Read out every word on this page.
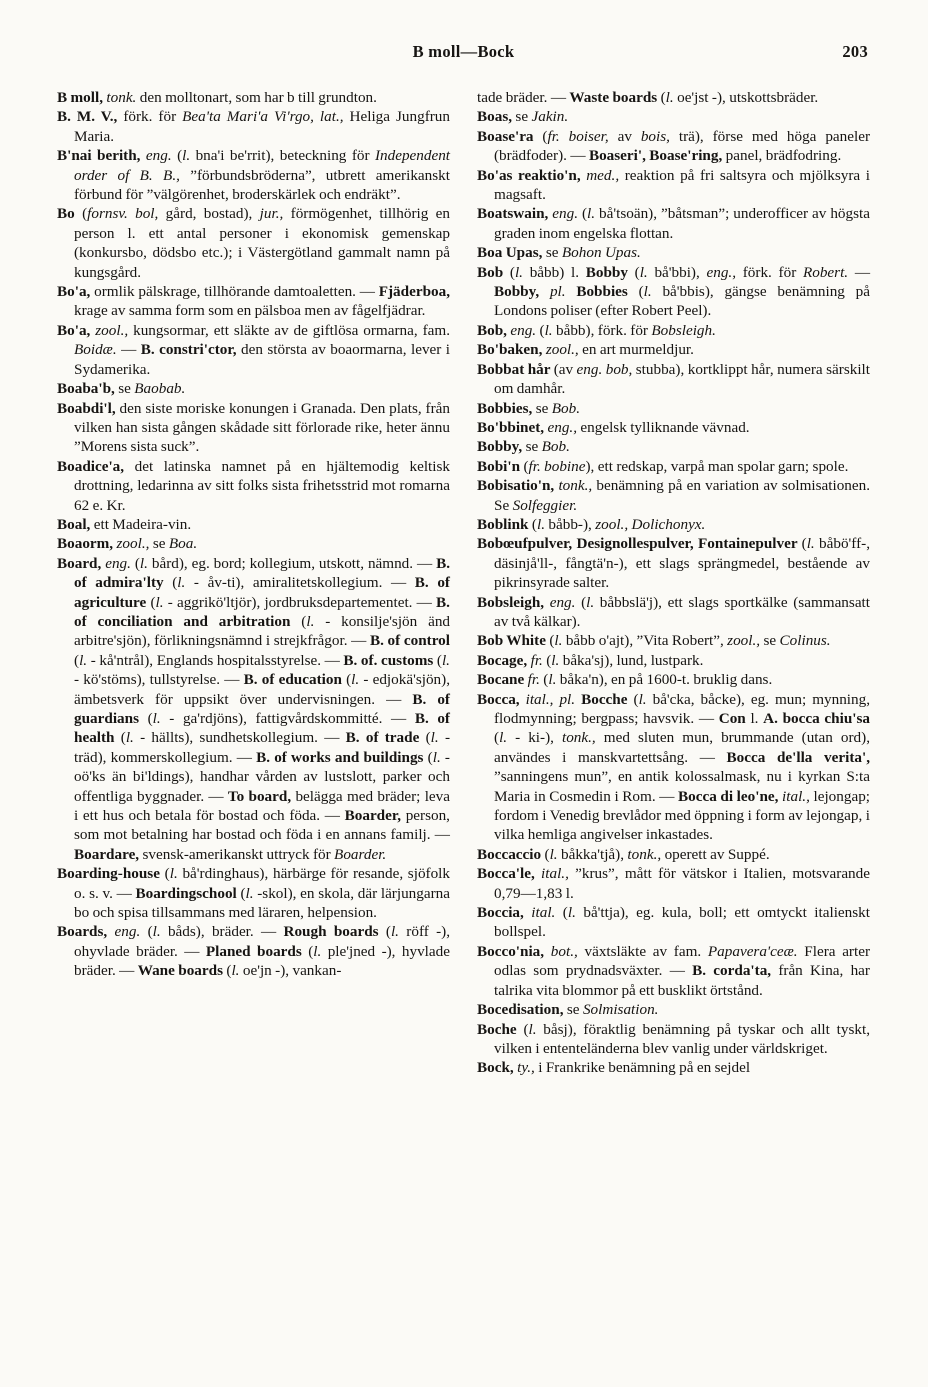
B moll—Bock	203

B moll, tonk. den molltonart, som har b till grundton.

B. M. V., förk. för Bea'ta Mari'a Vi'rgo, lat., Heliga Jungfrun Maria.

B'nai berith, eng. (l. bna'i be'rrit), beteckning för Independent order of B. B., ”förbundsbröderna”, utbrett amerikanskt förbund för ”välgörenhet, broderskärlek och endräkt”.

Bo (fornsv. bol, gård, bostad), jur., förmögenhet, tillhörig en person l. ett antal personer i ekonomisk gemenskap (konkursbo, dödsbo etc.); i Västergötland gammalt namn på kungsgård.

Bo'a, ormlik pälskrage, tillhörande damtoaletten. — Fjäderboa, krage av samma form som en pälsboa men av fågelfjädrar.

Bo'a, zool., kungsormar, ett släkte av de giftlösa ormarna, fam. Boidæ. — B. constri'ctor, den största av boaormarna, lever i Sydamerika.

Boaba'b, se Baobab.

Boabdi'l, den siste moriske konungen i Granada. Den plats, från vilken han sista gången skådade sitt förlorade rike, heter ännu ”Morens sista suck”.

Boadice'a, det latinska namnet på en hjältemodig keltisk drottning, ledarinna av sitt folks sista frihetsstrid mot romarna 62 e. Kr.

Boal, ett Madeira-vin.

Boaorm, zool., se Boa.

Board, eng. (l. bård), eg. bord; kollegium, utskott, nämnd. — B. of admira'lty (l. - åv-ti), amiralitetskollegium. — B. of agriculture (l. - aggrikö'ltjör), jordbruksdepartementet. — B. of conciliation and arbitration (l. - konsilje'sjön änd arbitre'sjön), förlikningsnämnd i strejkfrågor. — B. of control (l. - kå'ntrål), Englands hospitalsstyrelse. — B. of. customs (l. - kö'stöms), tullstyrelse. — B. of education (l. - edjokä'sjön), ämbetsverk för uppsikt över undervisningen. — B. of guardians (l. - ga'rdjöns), fattigvårdskommitté. — B. of health (l. - hällts), sundhetskollegium. — B. of trade (l. - träd), kommerskollegium. — B. of works and buildings (l. - oö'ks än bi'ldings), handhar vården av lustslott, parker och offentliga byggnader. — To board, belägga med bräder; leva i ett hus och betala för bostad och föda. — Boarder, person, som mot betalning har bostad och föda i en annans familj. — Boardare, svensk-amerikanskt uttryck för Boarder.

Boarding-house (l. bå'rdinghaus), härbärge för resande, sjöfolk o. s. v. — Boardingschool (l. -skol), en skola, där lärjungarna bo och spisa tillsammans med läraren, helpension.

Boards, eng. (l. båds), bräder. — Rough boards (l. röff -), ohyvlade bräder. — Planed boards (l. ple'jned -), hyvlade bräder. — Wane boards (l. oe'jn -), vankan-

tade bräder. — Waste boards (l. oe'jst -), utskottsbräder.

Boas, se Jakin.

Boase'ra (fr. boiser, av bois, trä), förse med höga paneler (brädfoder). — Boaseri', Boase'ring, panel, brädfodring.

Bo'as reaktio'n, med., reaktion på fri saltsyra och mjölksyra i magsaft.

Boatswain, eng. (l. bå'tsoän), ”båtsman”; underofficer av högsta graden inom engelska flottan.

Boa Upas, se Bohon Upas.

Bob (l. båbb) l. Bobby (l. bå'bbi), eng., förk. för Robert. — Bobby, pl. Bobbies (l. bå'bbis), gängse benämning på Londons poliser (efter Robert Peel).

Bob, eng. (l. båbb), förk. för Bobsleigh.

Bo'baken, zool., en art murmeldjur.

Bobbat hår (av eng. bob, stubba), kortklippt hår, numera särskilt om damhår.

Bobbies, se Bob.

Bo'bbinet, eng., engelsk tylliknande vävnad.

Bobby, se Bob.

Bobi'n (fr. bobine), ett redskap, varpå man spolar garn; spole.

Bobisatio'n, tonk., benämning på en variation av solmisationen. Se Solfeggier.

Boblink (l. båbb-), zool., Dolichonyx.

Bobœufpulver, Designollespulver, Fontainepulver (l. båbö'ff-, däsinjå'll-, fångtä'n-), ett slags sprängmedel, bestående av pikrinsyrade salter.

Bobsleigh, eng. (l. båbbslä'j), ett slags sportkälke (sammansatt av två kälkar).

Bob White (l. båbb o'ajt), ”Vita Robert”, zool., se Colinus.

Bocage, fr. (l. båka'sj), lund, lustpark.

Bocane fr. (l. båka'n), en på 1600-t. bruklig dans.

Bocca, ital., pl. Bocche (l. bå'cka, båcke), eg. mun; mynning, flodmynning; bergpass; havsvik. — Con l. A. bocca chiu'sa (l. - ki-), tonk., med sluten mun, brummande (utan ord), användes i manskvartettsång. — Bocca de'lla verita', ”sanningens mun”, en antik kolossalmask, nu i kyrkan S:ta Maria in Cosmedin i Rom. — Bocca di leo'ne, ital., lejongap; fordom i Venedig brevlådor med öppning i form av lejongap, i vilka hemliga angivelser inkastades.

Boccaccio (l. båkka'tjå), tonk., operett av Suppé.

Bocca'le, ital., ”krus”, mått för vätskor i Italien, motsvarande 0,79—1,83 l.

Boccia, ital. (l. bå'ttja), eg. kula, boll; ett omtyckt italienskt bollspel.

Bocco'nia, bot., växtsläkte av fam. Papavera'ceæ. Flera arter odlas som prydnadsväxter. — B. corda'ta, från Kina, har talrika vita blommor på ett busklikt örtstånd.

Bocedisation, se Solmisation.

Boche (l. båsj), föraktlig benämning på tyskar och allt tyskt, vilken i ententeländerna blev vanlig under världskriget.

Bock, ty., i Frankrike benämning på en sejdel
